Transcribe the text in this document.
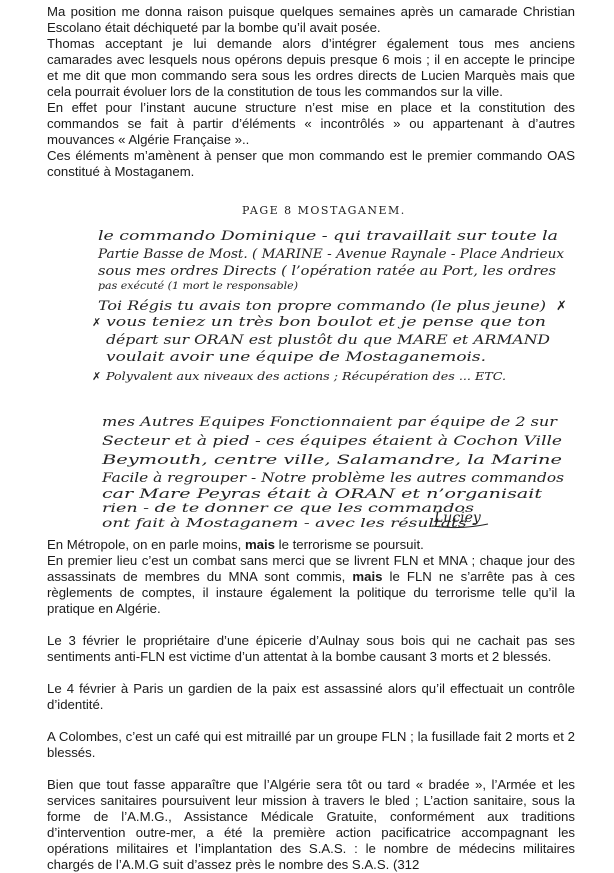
Ma position me donna raison puisque quelques semaines après un camarade Christian Escolano était déchiqueté par la bombe qu’il avait posée.

Thomas acceptant je lui demande alors d’intégrer également tous mes anciens camarades avec lesquels nous opérons depuis presque 6 mois ; il en accepte le principe et me dit que mon commando sera sous les ordres directs de Lucien Marquès mais que cela pourrait évoluer lors de la constitution de tous les commandos sur la ville.

En effet pour l’instant aucune structure n’est mise en place et la constitution des commandos se fait à partir d’éléments « incontrôlés » ou appartenant à d’autres mouvances « Algérie Française »..

Ces éléments m’amènent à penser que mon commando est le premier commando OAS constitué à Mostaganem.

PAGE 8 MOSTAGANEM.
le commando Dominique - qui travaillait sur toute la
Partie Basse de Most. ( MARINE - Avenue Raynale - Place Andrieux
sous mes ordres Directs ( l’opération ratée au Port, les ordres
pas exécuté (1 mort le responsable)
Toi Régis tu avais ton propre commando (le plus jeune) ✗
✗ vous teniez un très bon boulot et je pense que ton
départ sur ORAN est plustôt du que MARE et ARMAND
voulait avoir une équipe de Mostaganemois.
✗ Polyvalent aux niveaux des actions ; Récupération des ... ETC.
mes Autres Equipes Fonctionnaient par équipe de 2 sur
Secteur et à pied - ces équipes étaient à Cochon Ville
Beymouth, centre ville, Salamandre, la Marine
Facile à regrouper - Notre problème les autres commandos
car Mare Peyras était à ORAN et n’organisait
rien - de te donner ce que les commandos
ont fait à Mostaganem - avec les résultats -
Luciey

En Métropole, on en parle moins, mais le terrorisme se poursuit.

En premier lieu c’est un combat sans merci que se livrent FLN et MNA ; chaque jour des assassinats de membres du MNA sont commis, mais le FLN ne s’arrête pas à ces règlements de comptes, il instaure également la politique du terrorisme telle qu’il la pratique en Algérie.

Le 3 février le propriétaire d’une épicerie d’Aulnay sous bois qui ne cachait pas ses sentiments anti-FLN est victime d’un attentat à la bombe causant 3 morts et 2 blessés.

Le 4 février à Paris un gardien de la paix est assassiné alors qu’il effectuait un contrôle d’identité.

A Colombes, c’est un café qui est mitraillé par un groupe FLN ; la fusillade fait 2 morts et 2 blessés.

Bien que tout fasse apparaître que l’Algérie sera tôt ou tard « bradée », l’Armée et les services sanitaires poursuivent leur mission à travers le bled ; L’action sanitaire, sous la forme de l’A.M.G., Assistance Médicale Gratuite, conformément aux traditions d’intervention outre-mer, a été la première action pacificatrice accompagnant les opérations militaires et l’implantation des S.A.S. : le nombre de médecins militaires chargés de l’A.M.G suit d’assez près le nombre des S.A.S. (312
